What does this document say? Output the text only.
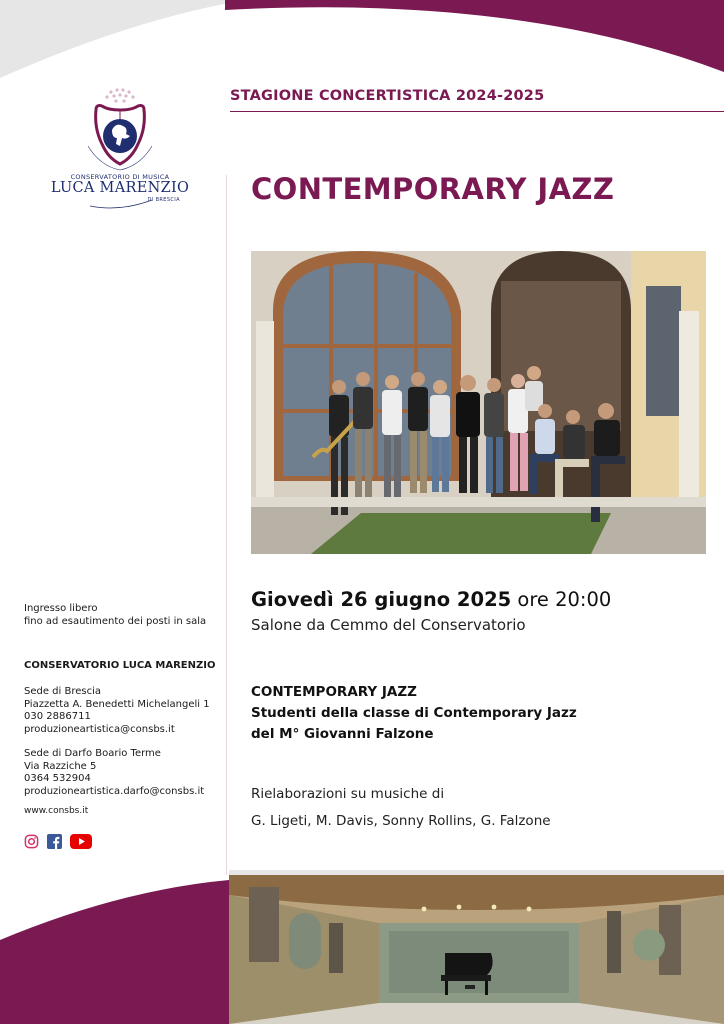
STAGIONE CONCERTISTICA 2024-2025
CONSERVATORIO DI MUSICA
LUCA MARENZIO
DI BRESCIA CONTEMPORARY JAZZ
Giovedì 26 giugno 2025 ore 20:00
Salone da Cemmo del Conservatorio
CONTEMPORARY JAZZ
Studenti della classe di Contemporary Jazz
del M° Giovanni Falzone
Rielaborazioni su musiche di
G. Ligeti, M. Davis, Sonny Rollins, G. Falzone
Ingresso libero
fino ad esautimento dei posti in sala
CONSERVATORIO LUCA MARENZIO
Sede di Brescia
Piazzetta A. Benedetti Michelangeli 1
030 2886711
produzioneartistica@consbs.it
Sede di Darfo Boario Terme
Via Razziche 5
0364 532904
produzioneartistica.darfo@consbs.it
www.consbs.it
